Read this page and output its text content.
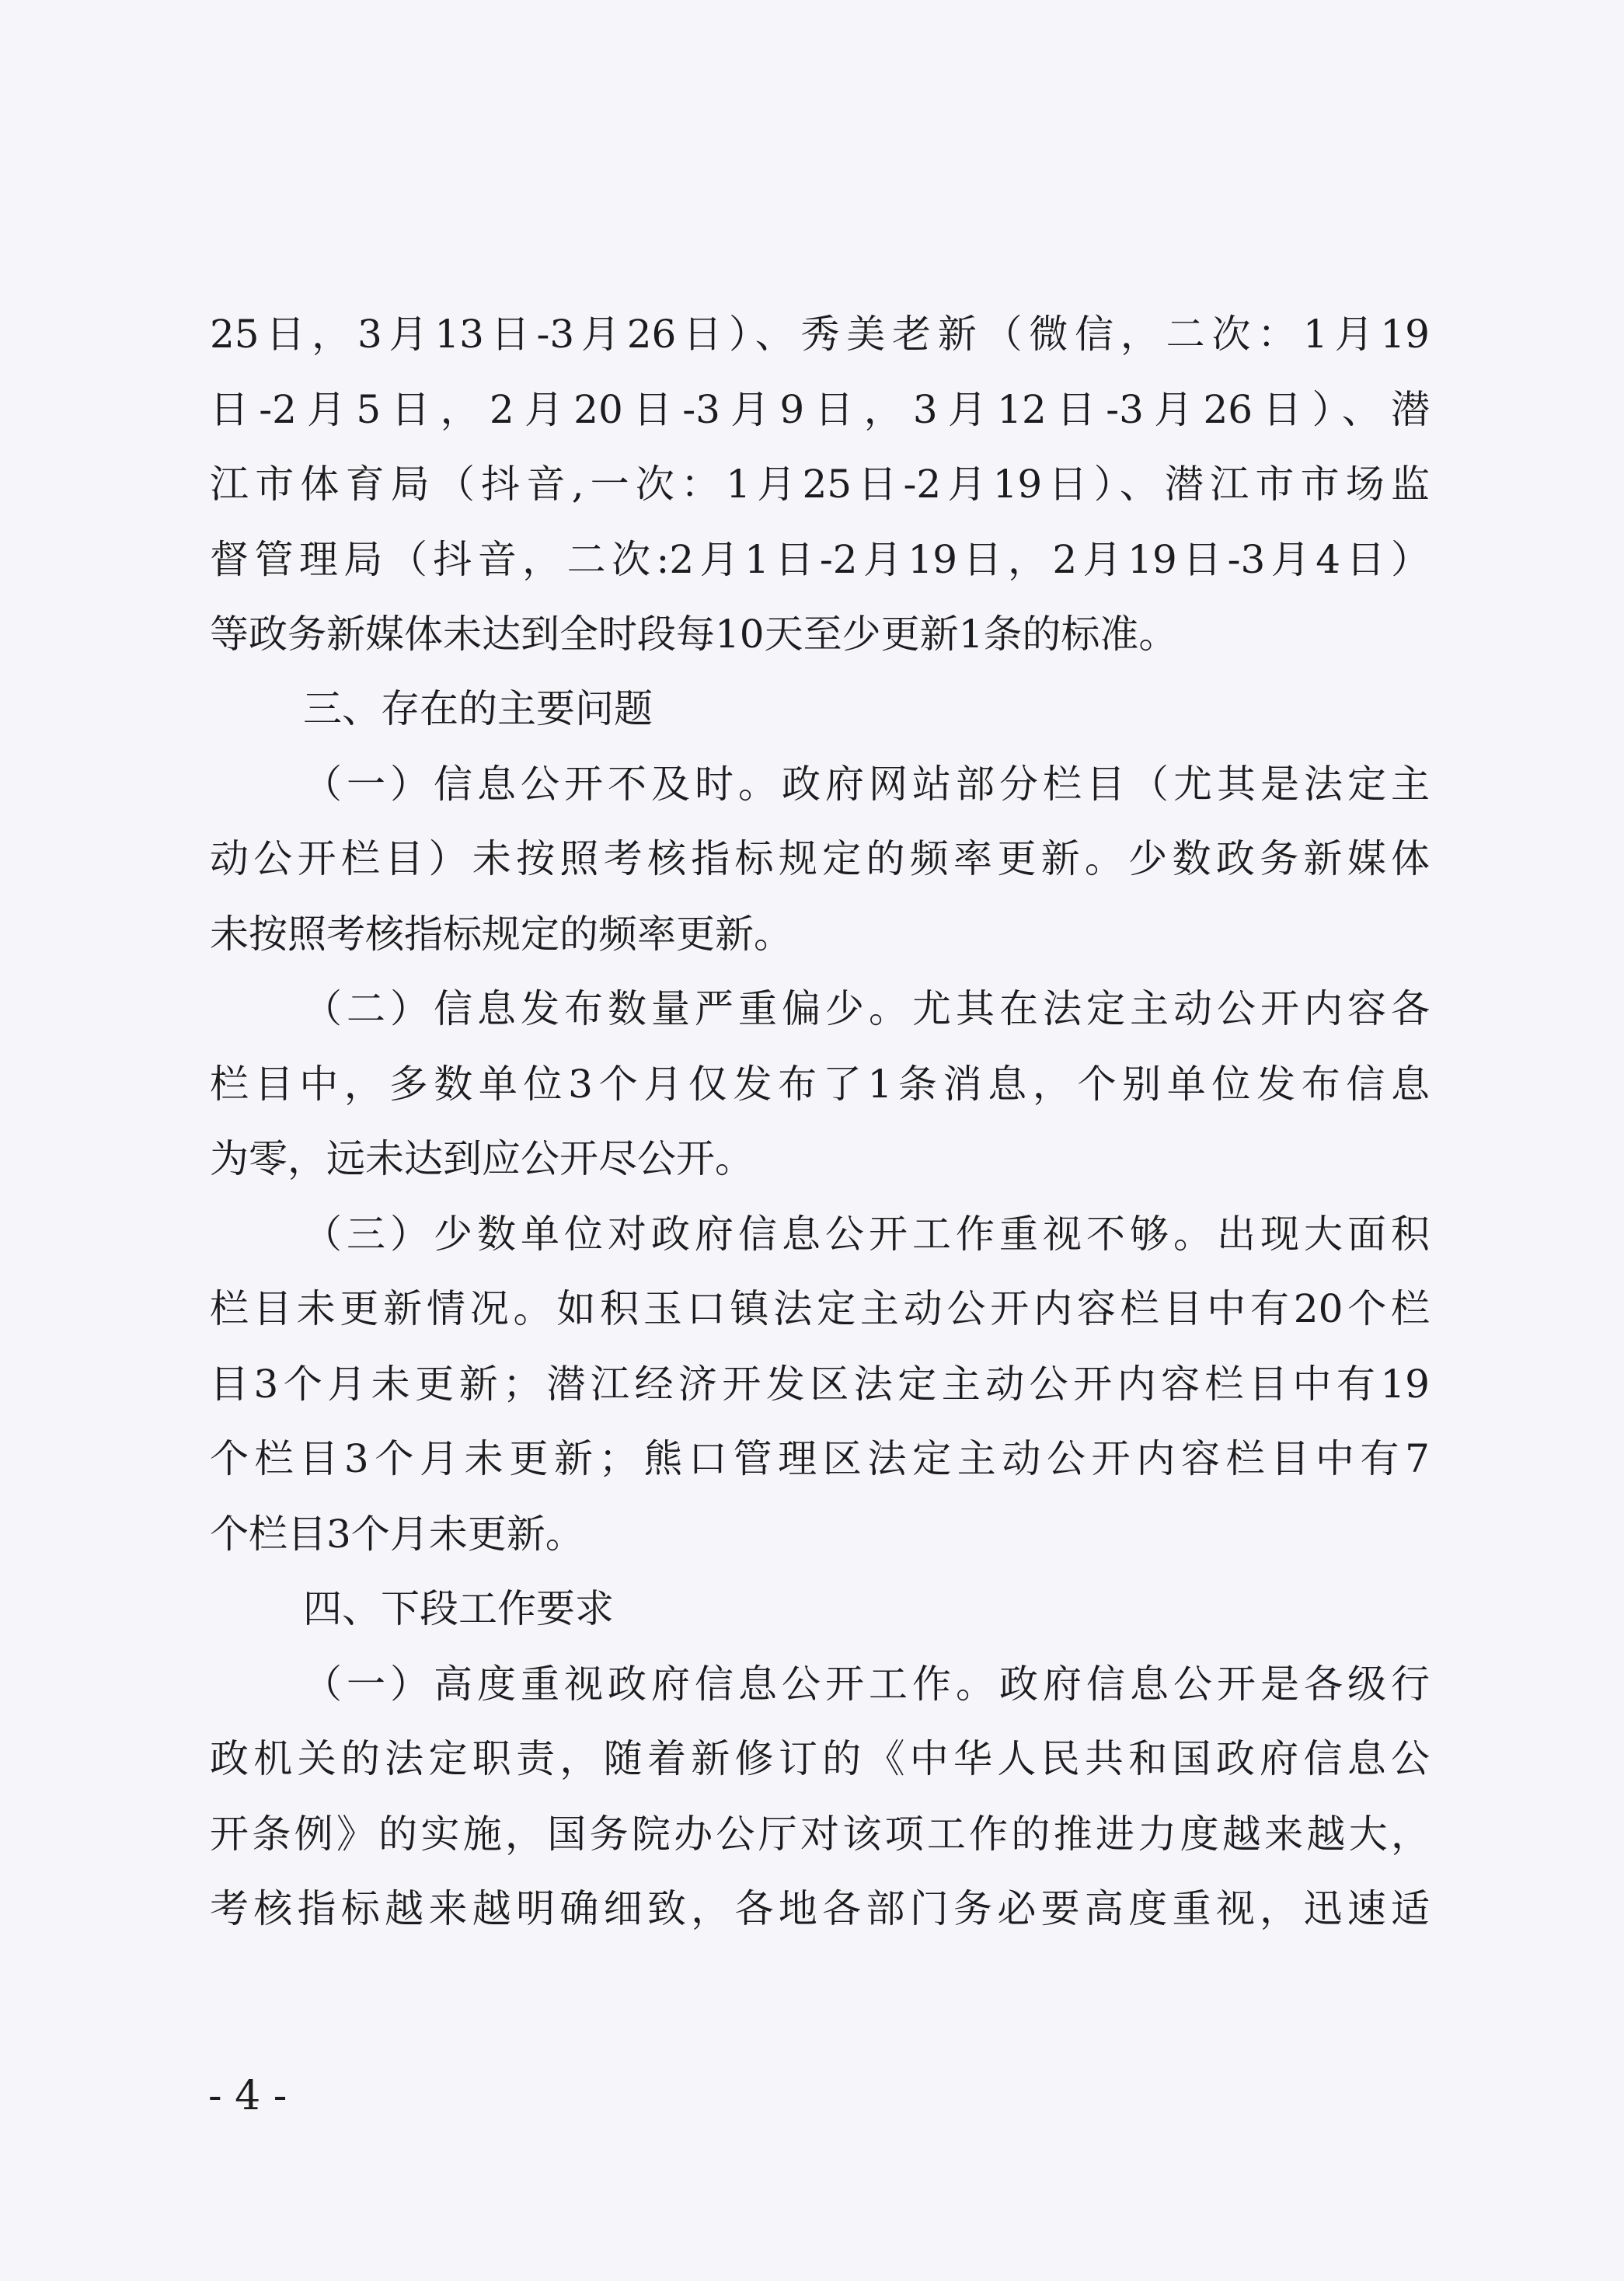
25日，3月13日-3月26日）、秀美老新（微信，二次：1月19
日-2月5日，2月20日-3月9日，3月12日-3月26日）、潜
江市体育局（抖音,一次：1月25日-2月19日）、潜江市市场监
督管理局（抖音，二次:2月1日-2月19日，2月19日-3月4日）
等政务新媒体未达到全时段每10天至少更新1条的标准。
三、存在的主要问题
（一）信息公开不及时。政府网站部分栏目（尤其是法定主
动公开栏目）未按照考核指标规定的频率更新。少数政务新媒体
未按照考核指标规定的频率更新。
（二）信息发布数量严重偏少。尤其在法定主动公开内容各
栏目中，多数单位3个月仅发布了1条消息，个别单位发布信息
为零，远未达到应公开尽公开。
（三）少数单位对政府信息公开工作重视不够。出现大面积
栏目未更新情况。如积玉口镇法定主动公开内容栏目中有20个栏
目3个月未更新；潜江经济开发区法定主动公开内容栏目中有19
个栏目3个月未更新；熊口管理区法定主动公开内容栏目中有7
个栏目3个月未更新。
四、下段工作要求
（一）高度重视政府信息公开工作。政府信息公开是各级行
政机关的法定职责，随着新修订的《中华人民共和国政府信息公
开条例》的实施，国务院办公厅对该项工作的推进力度越来越大，
考核指标越来越明确细致，各地各部门务必要高度重视，迅速适
- 4 -
